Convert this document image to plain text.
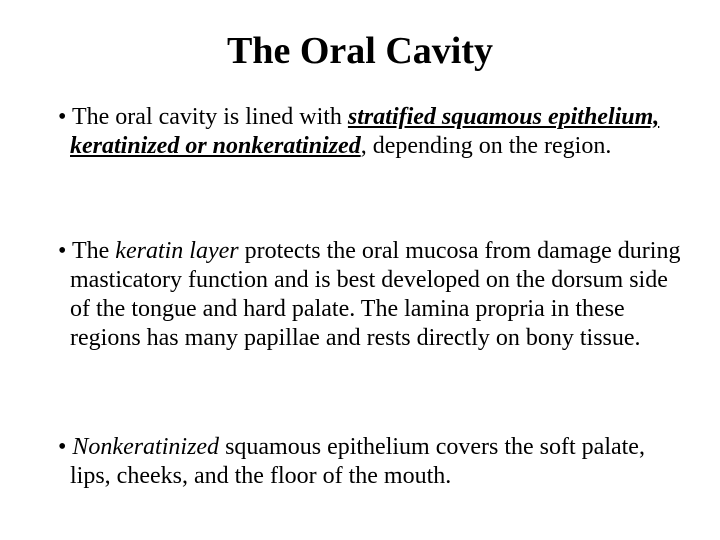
The Oral Cavity
• The oral cavity is lined with stratified squamous epithelium, keratinized or nonkeratinized, depending on the region.
• The keratin layer protects the oral mucosa from damage during masticatory function and is best developed on the dorsum side of the tongue and hard palate. The lamina propria in these regions has many papillae and rests directly on bony tissue.
• Nonkeratinized squamous epithelium covers the soft palate, lips, cheeks, and the floor of the mouth.
